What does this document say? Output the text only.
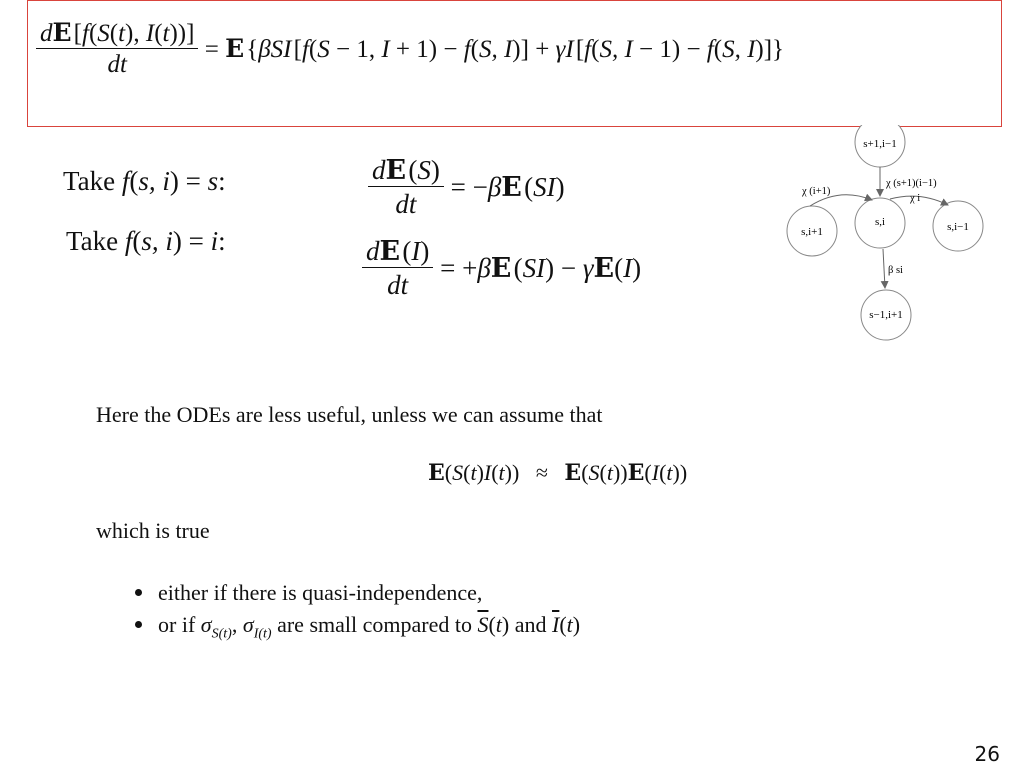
$\frac{dE [f(S(t), I(t))]}{dt} = E$ {βSI [f(S − 1, I + 1) − f(S, I)] + γI [f(S, I − 1) − f(S, I)]}
Take f(s, i) = s:	$\frac{dE (S)}{dt} = -\beta E$ (SI)
Take f(s, i) = i:	$\frac{dE (I)}{dt} = +\beta E$ (SI) − γE(I)
s+1,i−1
s,i
s,i+1	s,i−1
s−1,i+1
χ (i+1)
χ (s+1)(i−1)
χ i
β si
Here the ODEs are less useful, unless we can assume that
E(S(t)I(t))   ≈   E(S(t))E(I(t))
which is true
either if there is quasi-independence,
or if $\sigma_{S(t)}$, $\sigma_{I(t)}$ are small compared to $\overline{S}(t)$ and $\overline{I}(t)$
26
